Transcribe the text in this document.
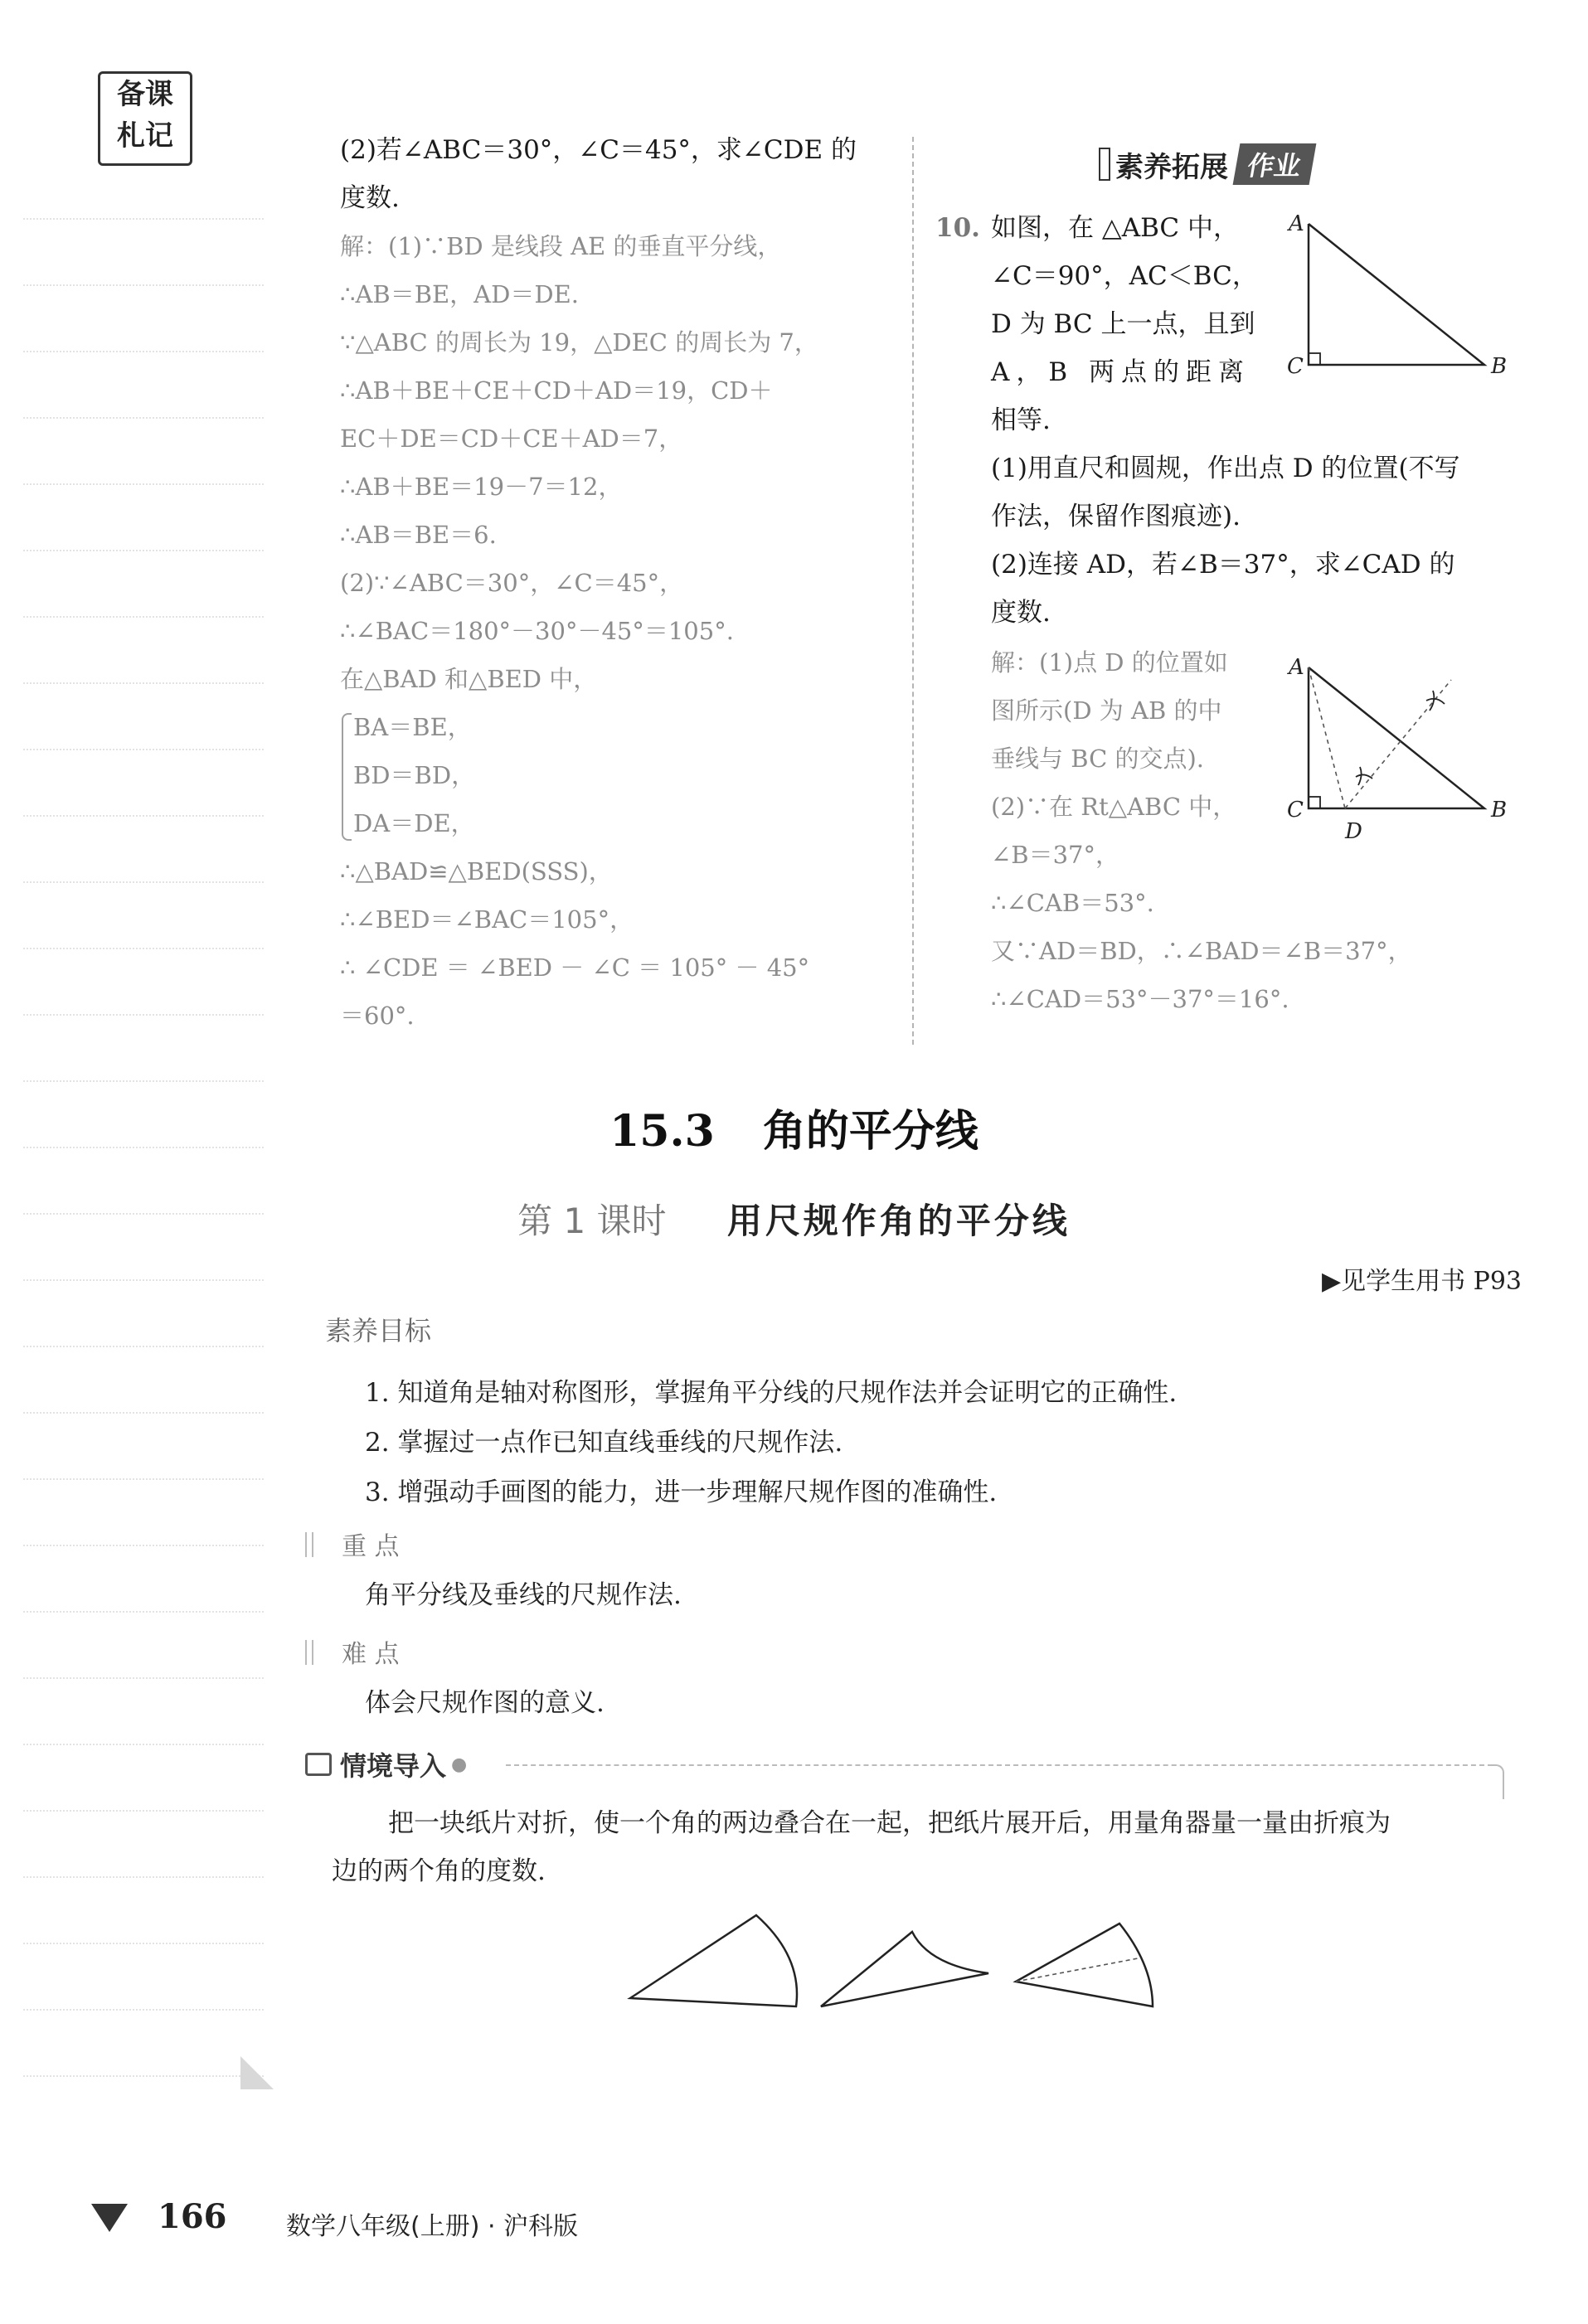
备课
札记	(2)若∠ABC＝30°，∠C＝45°，求∠CDE 的
度数.
解：(1)∵BD 是线段 AE 的垂直平分线，
∴AB＝BE，AD＝DE.
∵△ABC 的周长为 19，△DEC 的周长为 7，
∴AB＋BE＋CE＋CD＋AD＝19，CD＋
EC＋DE＝CD＋CE＋AD＝7，
∴AB＋BE＝19－7＝12，
∴AB＝BE＝6.
(2)∵∠ABC＝30°，∠C＝45°，
∴∠BAC＝180°－30°－45°＝105°.
在△BAD 和△BED 中，
BA＝BE，
BD＝BD，
DA＝DE，
∴△BAD≌△BED(SSS)，
∴∠BED＝∠BAC＝105°，
∴ ∠CDE ＝ ∠BED － ∠C ＝ 105° － 45°
＝60°.
素养拓展 作业
10. 如图，在 △ABC 中，
∠C＝90°，AC＜BC，
D 为 BC 上一点，且到
A，B 两点的距离
相等.
(1)用直尺和圆规，作出点 D 的位置(不写
作法，保留作图痕迹).
(2)连接 AD，若∠B＝37°，求∠CAD 的
度数.
A
C	B
解：(1)点 D 的位置如
图所示(D 为 AB 的中
垂线与 BC 的交点).
(2)∵在 Rt△ABC 中，
∠B＝37°，
∴∠CAB＝53°.
又∵AD＝BD，∴∠BAD＝∠B＝37°，
∴∠CAD＝53°－37°＝16°.
A
C	B
D
15.3 角的平分线
第 1 课时 用尺规作角的平分线
▶见学生用书 P93
素养目标
1. 知道角是轴对称图形，掌握角平分线的尺规作法并会证明它的正确性.
2. 掌握过一点作已知直线垂线的尺规作法.
3. 增强动手画图的能力，进一步理解尺规作图的准确性.
重 点
角平分线及垂线的尺规作法.
难 点
体会尺规作图的意义.
情境导入 ●
把一块纸片对折，使一个角的两边叠合在一起，把纸片展开后，用量角器量一量由折痕为
边的两个角的度数.
166 数学八年级(上册) · 沪科版
